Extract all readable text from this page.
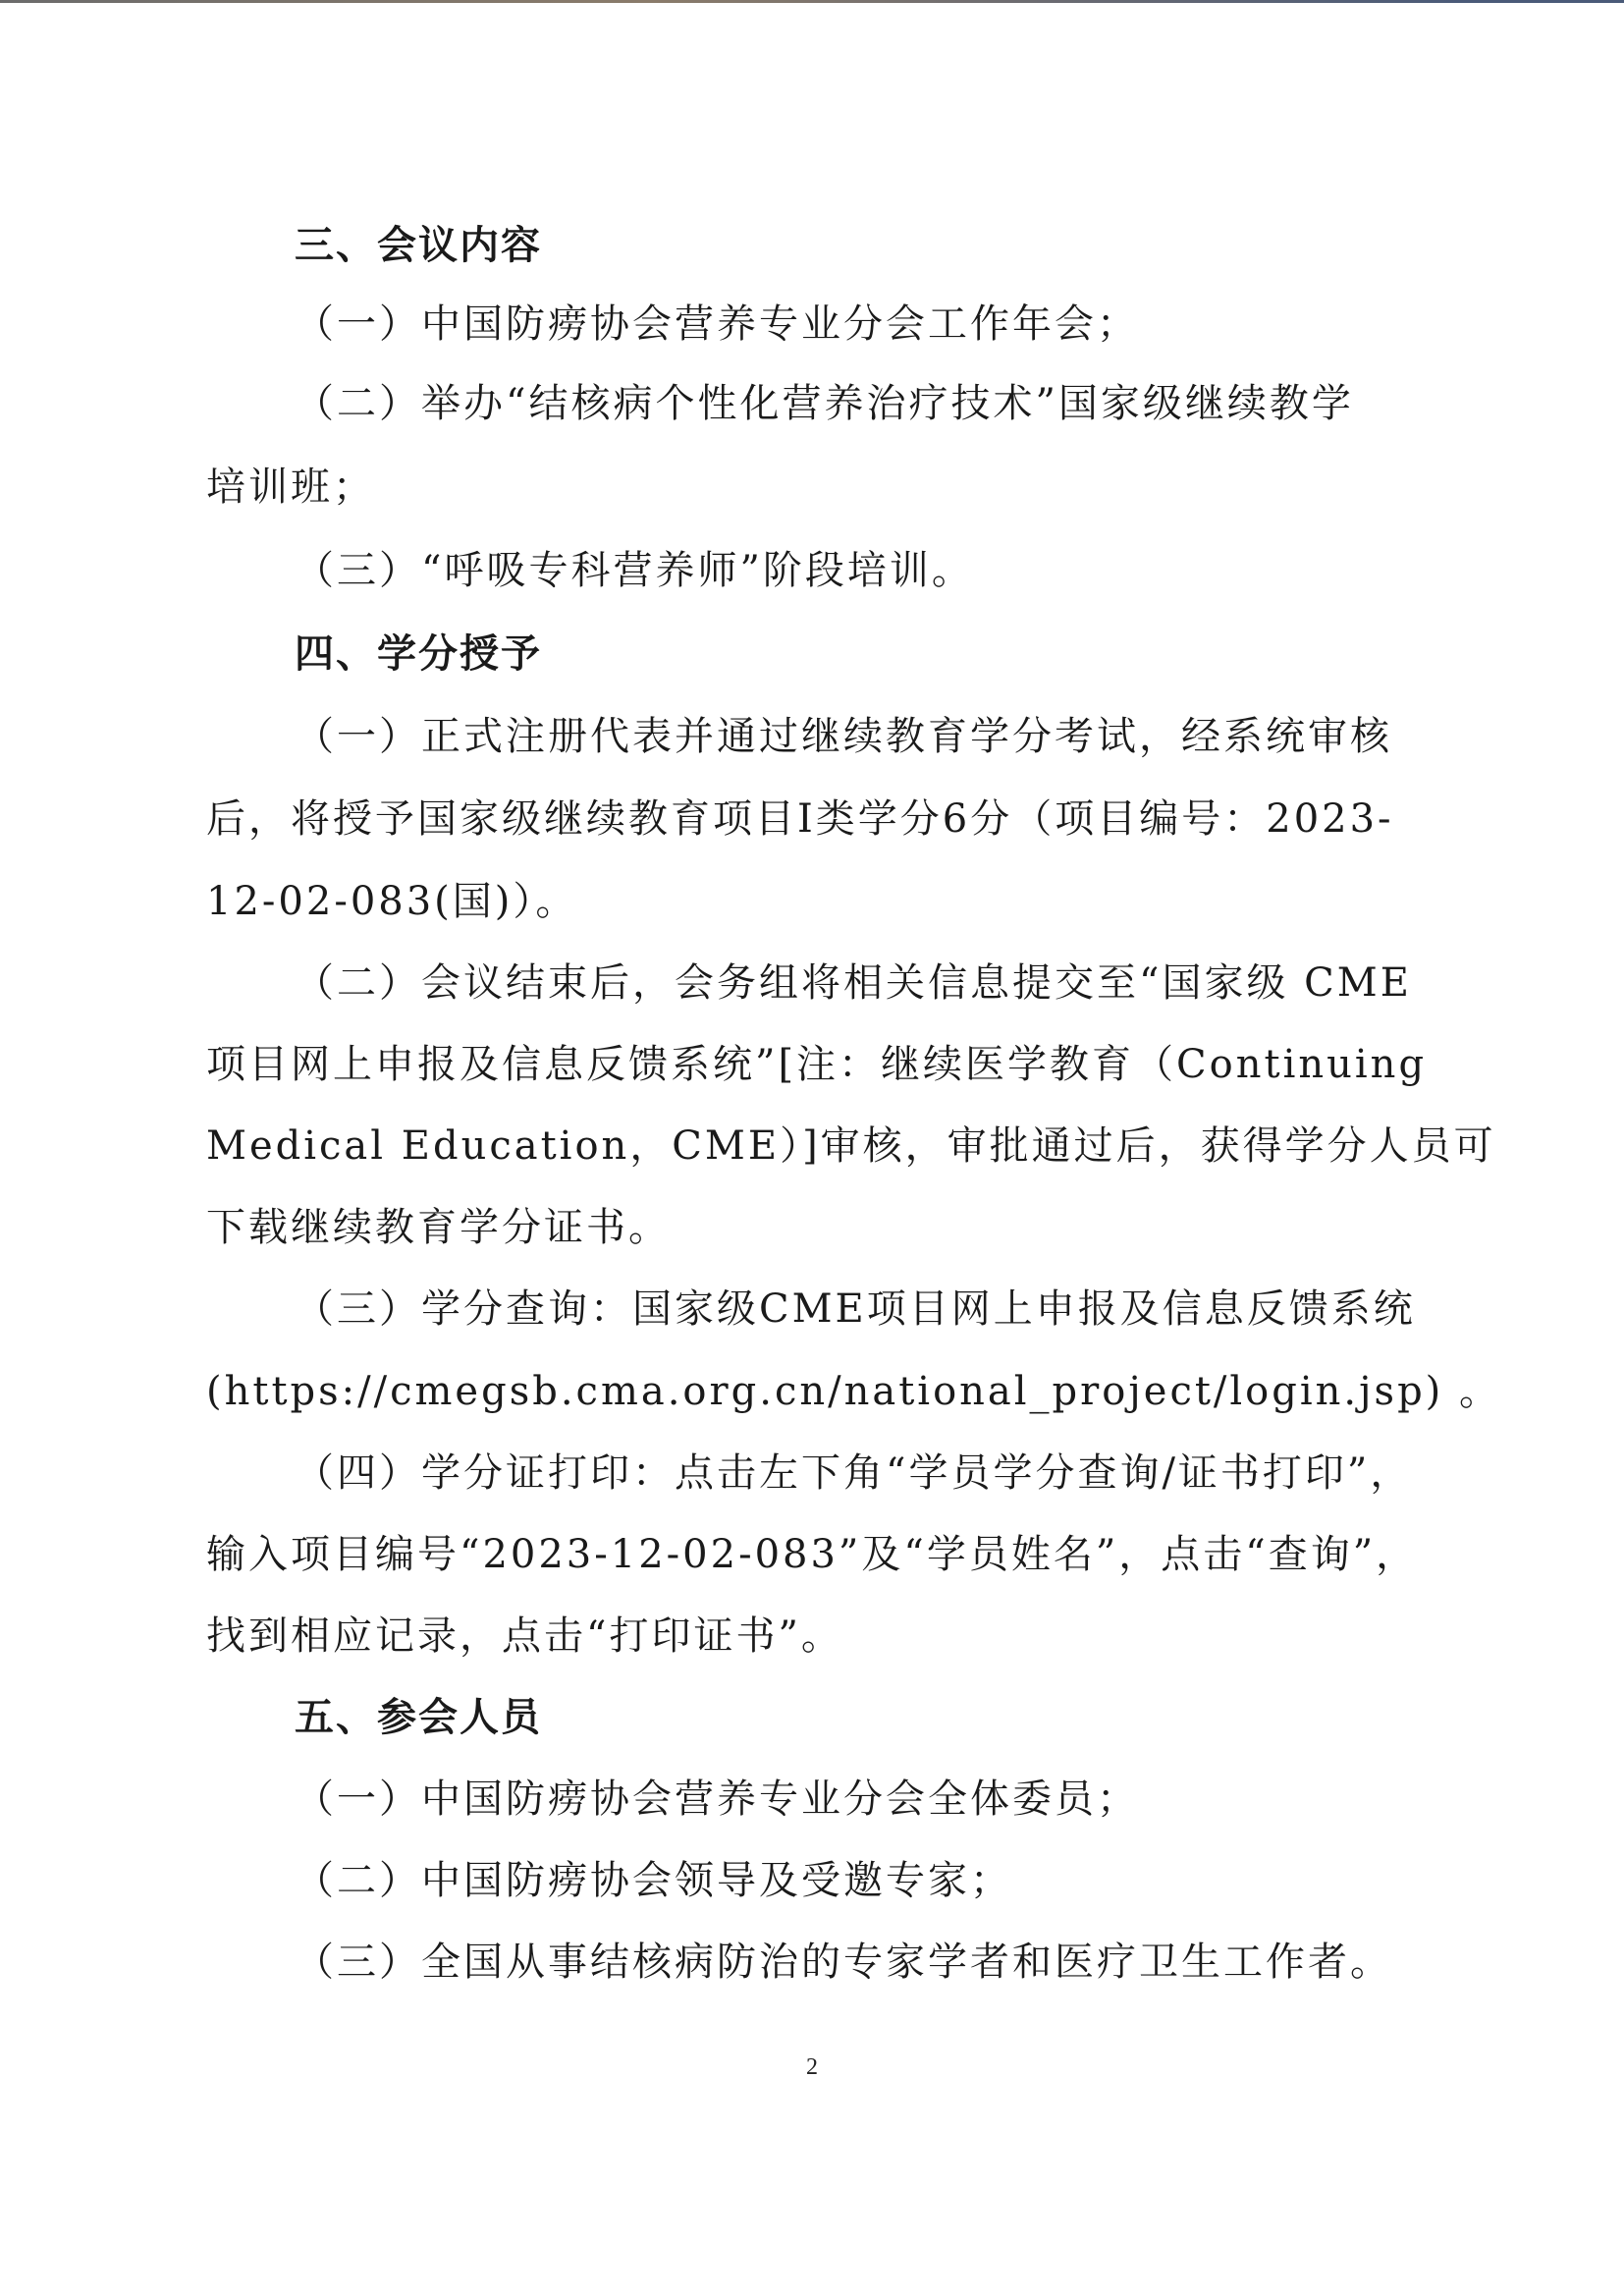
三、会议内容
（一）中国防痨协会营养专业分会工作年会；
（二）举办“结核病个性化营养治疗技术”国家级继续教学
培训班；
（三）“呼吸专科营养师”阶段培训。
四、学分授予
（一）正式注册代表并通过继续教育学分考试，经系统审核
后，将授予国家级继续教育项目Ⅰ类学分6分（项目编号：2023-
12-02-083(国)）。
（二）会议结束后，会务组将相关信息提交至“国家级 CME
项目网上申报及信息反馈系统”[注：继续医学教育（Continuing
Medical Education，CME）]审核，审批通过后，获得学分人员可
下载继续教育学分证书。
（三）学分查询：国家级CME项目网上申报及信息反馈系统
(https://cmegsb.cma.org.cn/national_project/login.jsp) 。
（四）学分证打印：点击左下角“学员学分查询/证书打印”，
输入项目编号“2023-12-02-083”及“学员姓名”，点击“查询”，
找到相应记录，点击“打印证书”。
五、参会人员
（一）中国防痨协会营养专业分会全体委员；
（二）中国防痨协会领导及受邀专家；
（三）全国从事结核病防治的专家学者和医疗卫生工作者。
2
